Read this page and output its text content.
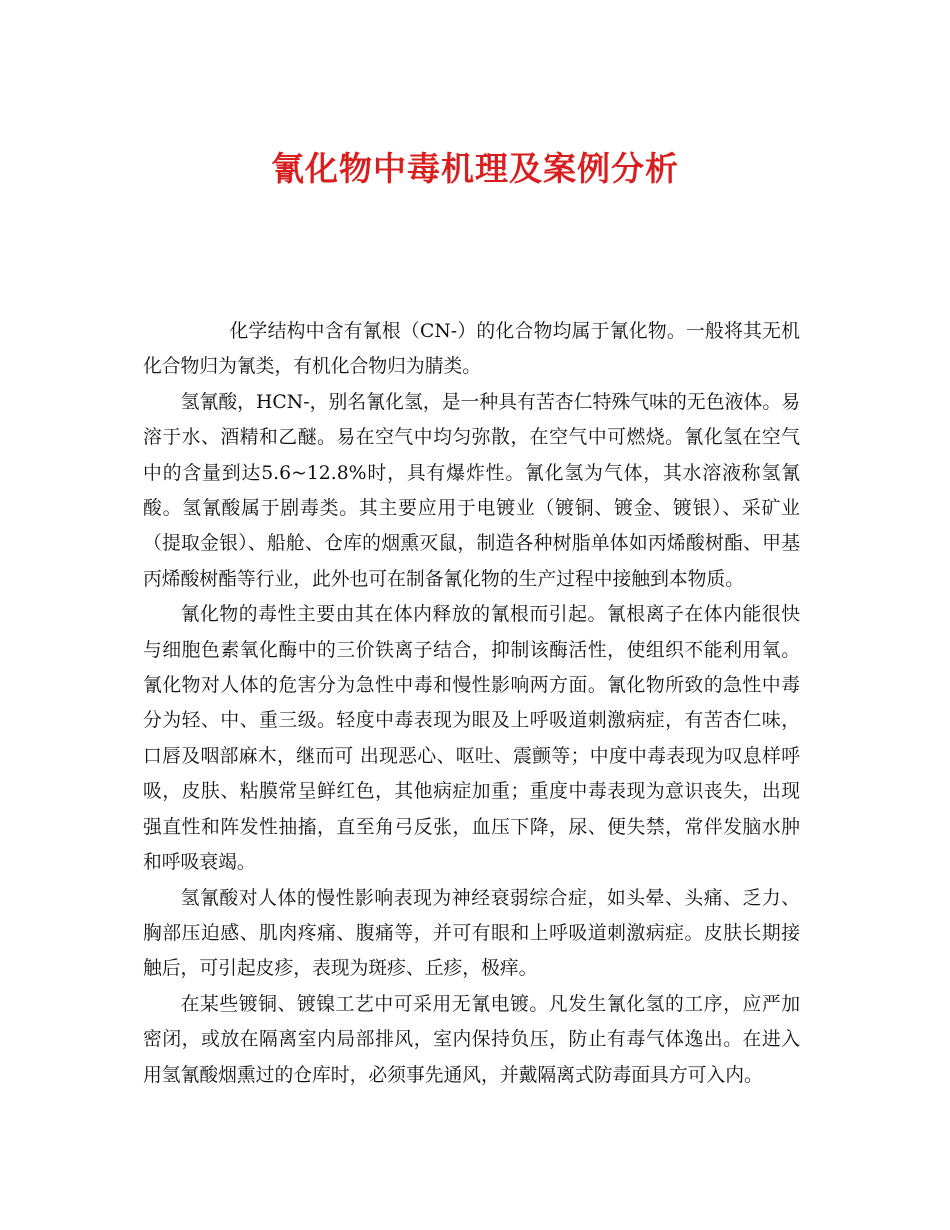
氰化物中毒机理及案例分析

化学结构中含有氰根（CN-）的化合物均属于氰化物。一般将其无机化合物归为氰类，有机化合物归为腈类。

氢氰酸，HCN-，别名氰化氢，是一种具有苦杏仁特殊气味的无色液体。易溶于水、酒精和乙醚。易在空气中均匀弥散，在空气中可燃烧。氰化氢在空气中的含量到达5.6~12.8%时，具有爆炸性。氰化氢为气体，其水溶液称氢氰酸。氢氰酸属于剧毒类。其主要应用于电镀业（镀铜、镀金、镀银）、采矿业（提取金银）、船舱、仓库的烟熏灭鼠，制造各种树脂单体如丙烯酸树酯、甲基丙烯酸树酯等行业，此外也可在制备氰化物的生产过程中接触到本物质。

氰化物的毒性主要由其在体内释放的氰根而引起。氰根离子在体内能很快与细胞色素氧化酶中的三价铁离子结合，抑制该酶活性，使组织不能利用氧。氰化物对人体的危害分为急性中毒和慢性影响两方面。氰化物所致的急性中毒分为轻、中、重三级。轻度中毒表现为眼及上呼吸道刺激病症，有苦杏仁味，口唇及咽部麻木，继而可 出现恶心、呕吐、震颤等；中度中毒表现为叹息样呼吸，皮肤、粘膜常呈鲜红色，其他病症加重；重度中毒表现为意识丧失，出现强直性和阵发性抽搐，直至角弓反张，血压下降，尿、便失禁，常伴发脑水肿和呼吸衰竭。

氢氰酸对人体的慢性影响表现为神经衰弱综合症，如头晕、头痛、乏力、胸部压迫感、肌肉疼痛、腹痛等，并可有眼和上呼吸道刺激病症。皮肤长期接触后，可引起皮疹，表现为斑疹、丘疹，极痒。

在某些镀铜、镀镍工艺中可采用无氰电镀。凡发生氰化氢的工序，应严加密闭，或放在隔离室内局部排风，室内保持负压，防止有毒气体逸出。在进入用氢氰酸烟熏过的仓库时，必须事先通风，并戴隔离式防毒面具方可入内。
